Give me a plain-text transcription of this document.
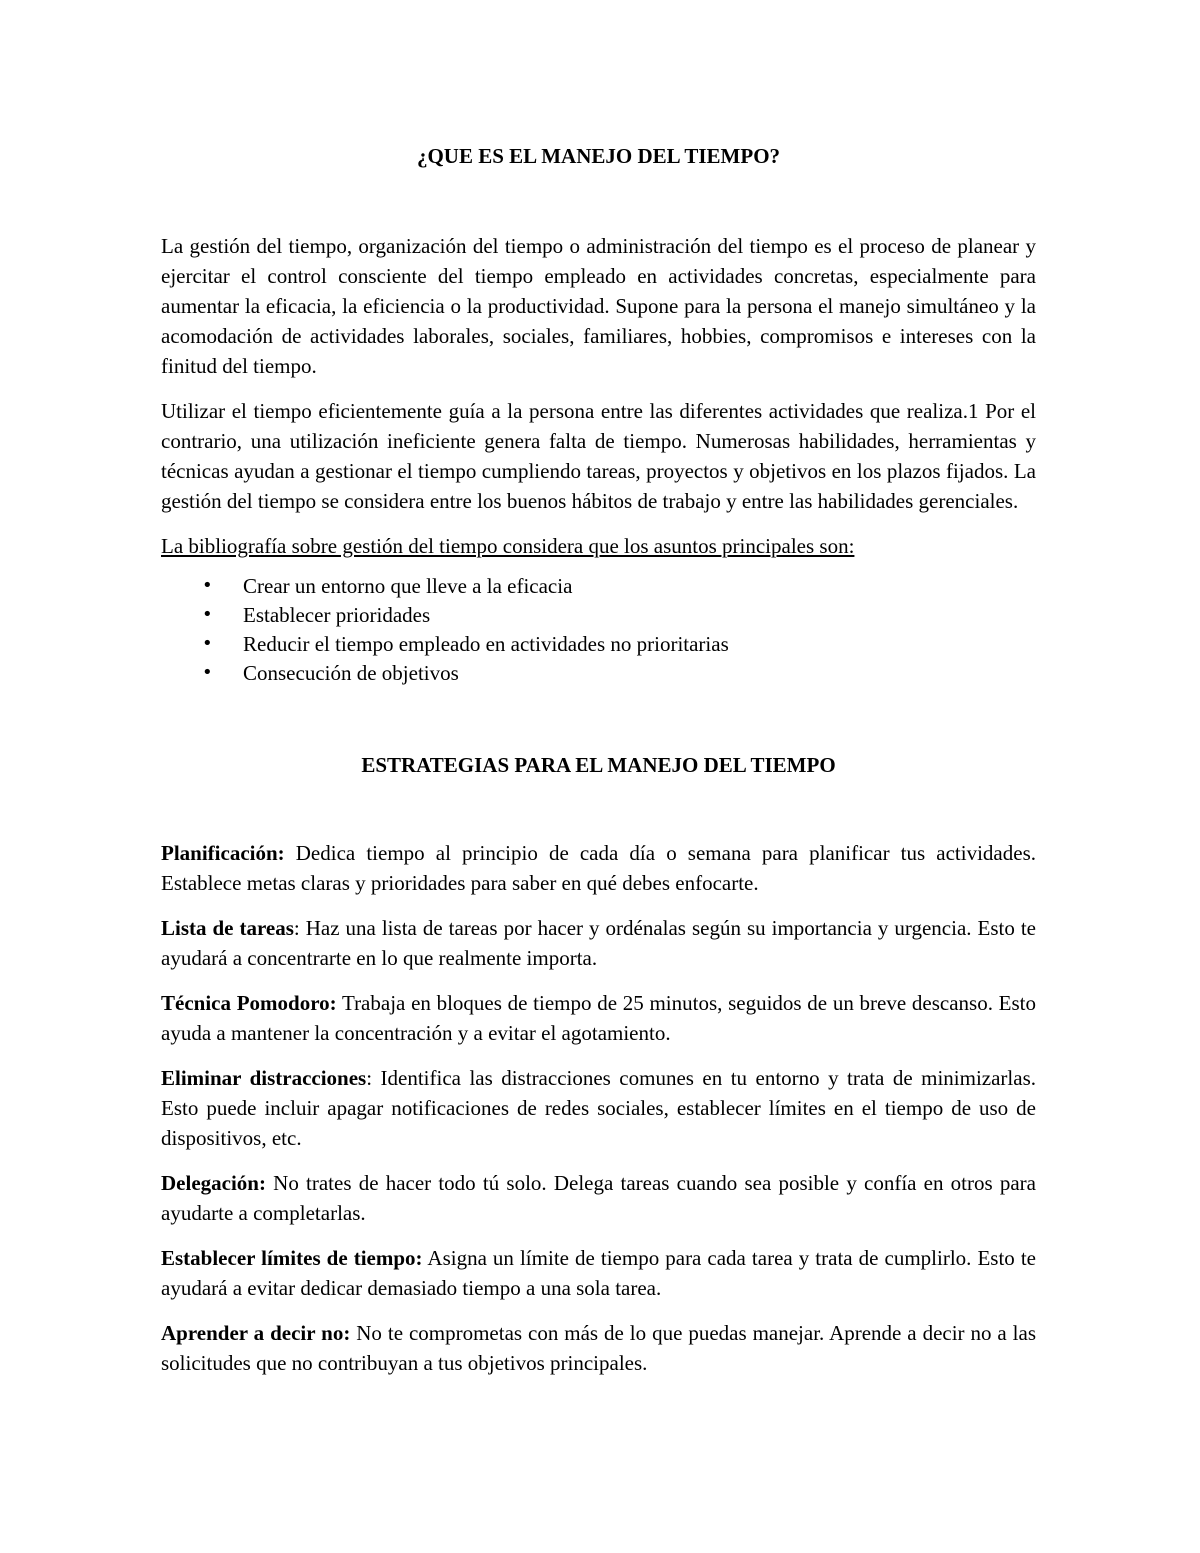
¿QUE ES EL MANEJO DEL TIEMPO?

La gestión del tiempo, organización del tiempo o administración del tiempo es el proceso de planear y ejercitar el control consciente del tiempo empleado en actividades concretas, especialmente para aumentar la eficacia, la eficiencia o la productividad. Supone para la persona el manejo simultáneo y la acomodación de actividades laborales, sociales, familiares, hobbies, compromisos e intereses con la finitud del tiempo.

Utilizar el tiempo eficientemente guía a la persona entre las diferentes actividades que realiza.1 Por el contrario, una utilización ineficiente genera falta de tiempo. Numerosas habilidades, herramientas y técnicas ayudan a gestionar el tiempo cumpliendo tareas, proyectos y objetivos en los plazos fijados. La gestión del tiempo se considera entre los buenos hábitos de trabajo y entre las habilidades gerenciales.

La bibliografía sobre gestión del tiempo considera que los asuntos principales son:

• Crear un entorno que lleve a la eficacia
• Establecer prioridades
• Reducir el tiempo empleado en actividades no prioritarias
• Consecución de objetivos
ESTRATEGIAS PARA EL MANEJO DEL TIEMPO

Planificación: Dedica tiempo al principio de cada día o semana para planificar tus actividades. Establece metas claras y prioridades para saber en qué debes enfocarte.

Lista de tareas: Haz una lista de tareas por hacer y ordénalas según su importancia y urgencia. Esto te ayudará a concentrarte en lo que realmente importa.

Técnica Pomodoro: Trabaja en bloques de tiempo de 25 minutos, seguidos de un breve descanso. Esto ayuda a mantener la concentración y a evitar el agotamiento.

Eliminar distracciones: Identifica las distracciones comunes en tu entorno y trata de minimizarlas. Esto puede incluir apagar notificaciones de redes sociales, establecer límites en el tiempo de uso de dispositivos, etc.

Delegación: No trates de hacer todo tú solo. Delega tareas cuando sea posible y confía en otros para ayudarte a completarlas.

Establecer límites de tiempo: Asigna un límite de tiempo para cada tarea y trata de cumplirlo. Esto te ayudará a evitar dedicar demasiado tiempo a una sola tarea.

Aprender a decir no: No te comprometas con más de lo que puedas manejar. Aprende a decir no a las solicitudes que no contribuyan a tus objetivos principales.
